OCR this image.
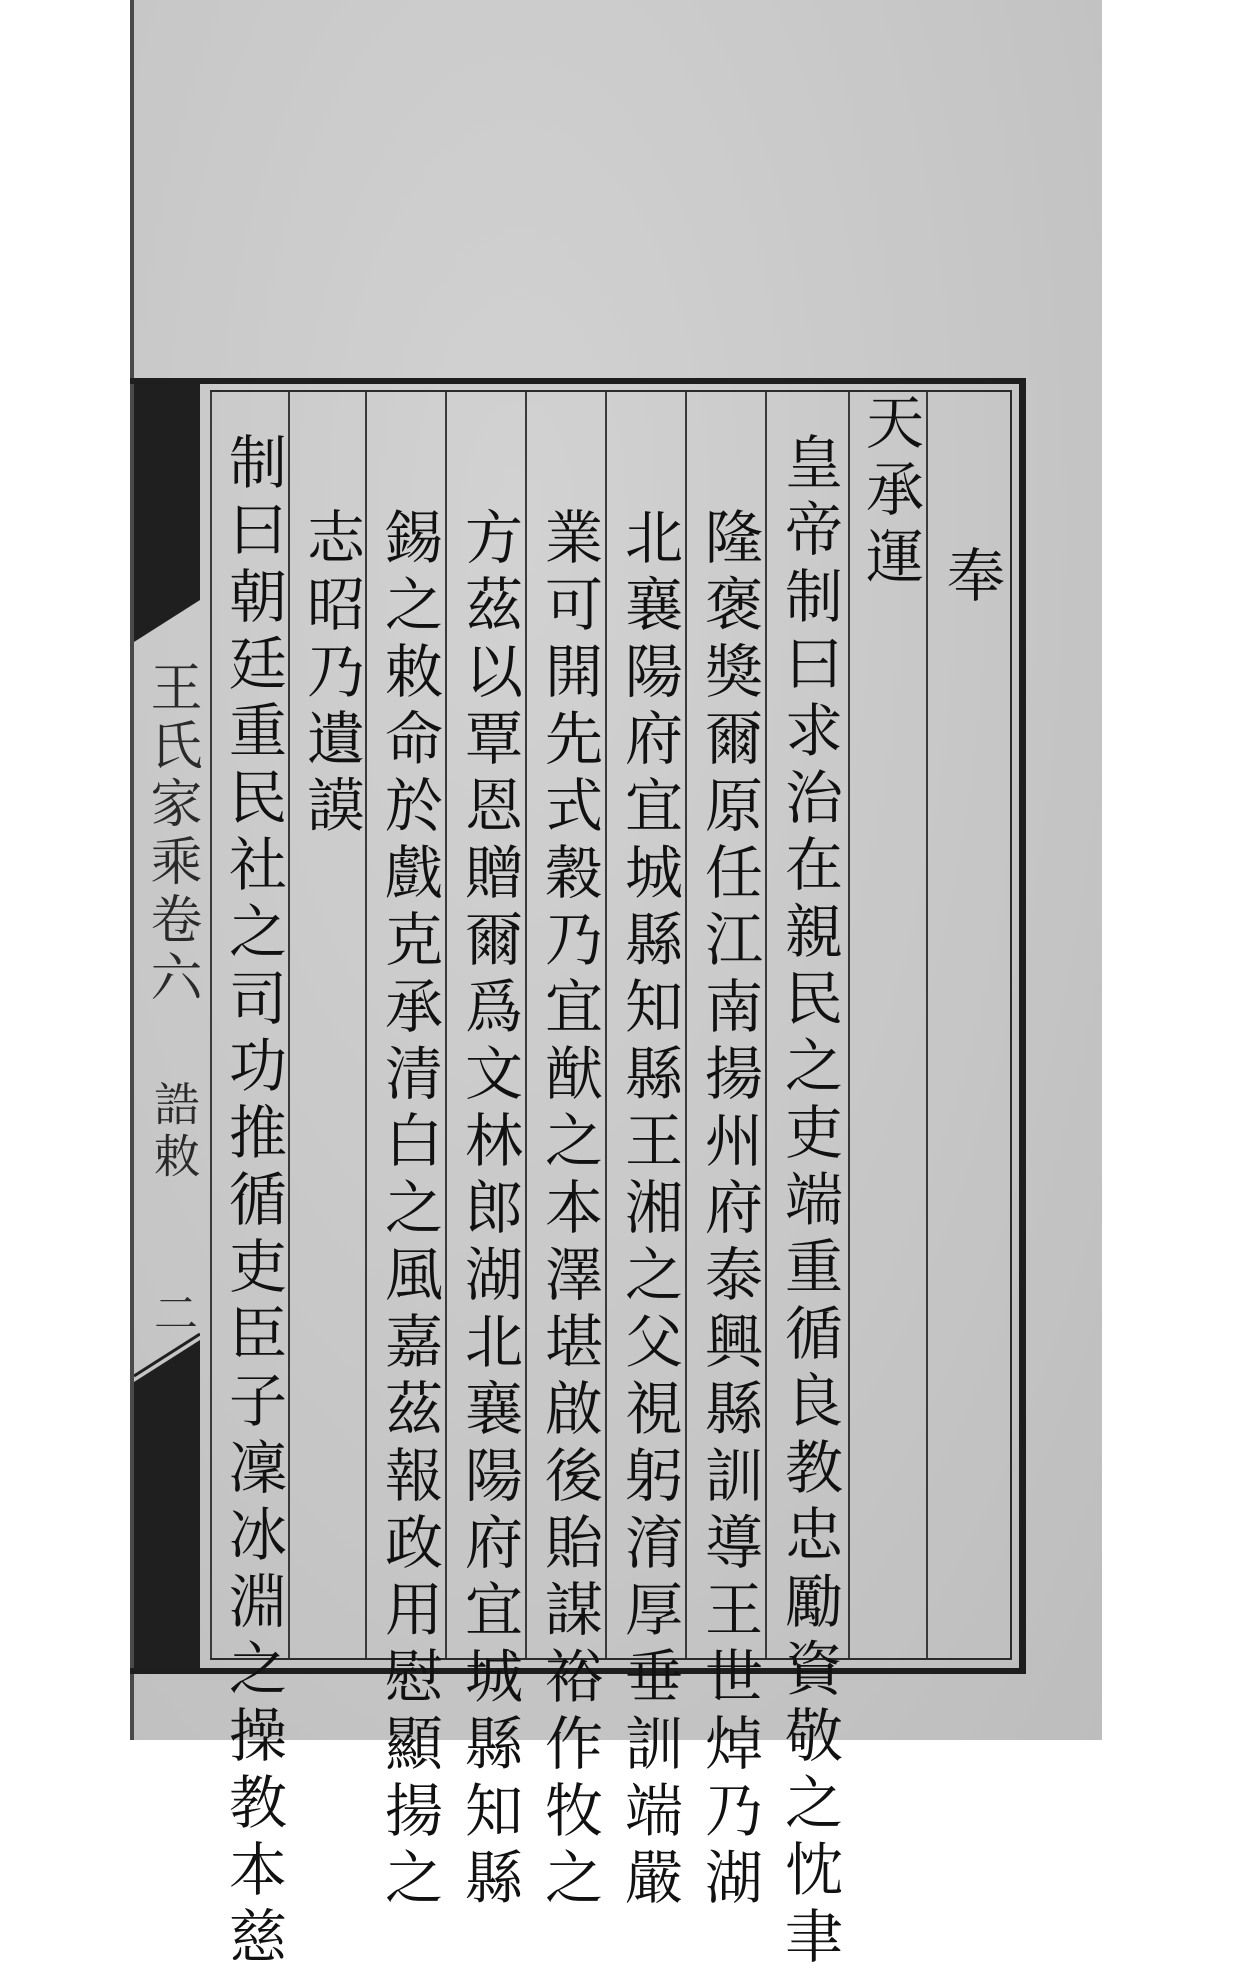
王氏家乘卷六
誥敕
二
奉
天承運
皇帝制曰求治在親民之吏端重循良教忠勵資敬之忱聿
隆褒獎爾原任江南揚州府泰興縣訓導王世焯乃湖
北襄陽府宜城縣知縣王湘之父視躬淯厚垂訓端嚴
業可開先式穀乃宜猷之本澤堪啟後貽謀裕作牧之
方茲以覃恩贈爾爲文林郎湖北襄陽府宜城縣知縣
錫之敕命於戲克承清白之風嘉茲報政用慰顯揚之
志昭乃遺謨
制曰朝廷重民社之司功推循吏臣子凜冰淵之操教本慈
